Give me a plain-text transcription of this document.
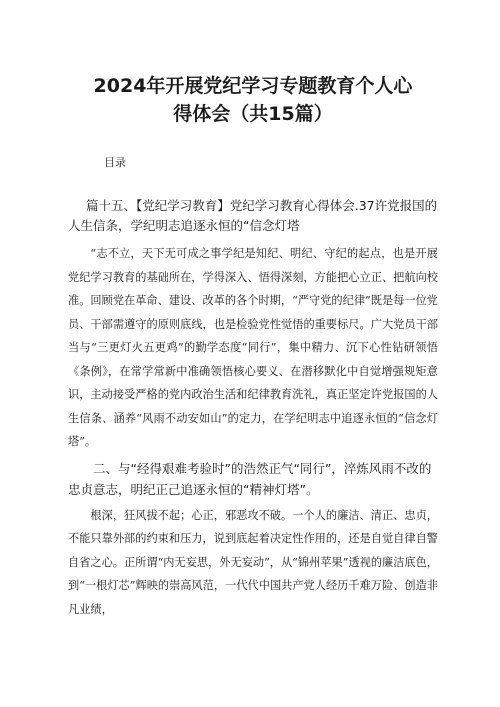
2024年开展党纪学习专题教育个人心得体会（共15篇）
目录

篇十五、【党纪学习教育】党纪学习教育心得体会.37许党报国的人生信条，学纪明志追逐永恒的“信念灯塔

“志不立，天下无可成之事学纪是知纪、明纪、守纪的起点，也是开展党纪学习教育的基础所在，学得深入、悟得深刻，方能把心立正、把航向校准。回顾党在革命、建设、改革的各个时期，“严守党的纪律”既是每一位党员、干部需遵守的原则底线，也是检验党性觉悟的重要标尺。广大党员干部当与“三更灯火五更鸡”的勤学态度“同行”，集中精力、沉下心性钻研领悟《条例》，在常学常新中准确领悟核心要义、在潜移默化中自觉增强规矩意识，主动接受严格的党内政治生活和纪律教育洗礼，真正坚定许党报国的人生信条、涵养“风雨不动安如山”的定力，在学纪明志中追逐永恒的“信念灯塔”。

二、与“经得艰难考验时”的浩然正气“同行”，淬炼风雨不改的忠贞意志，明纪正己追逐永恒的“精神灯塔”。

根深，狂风拔不起；心正，邪恶攻不破。一个人的廉洁、清正、忠贞，不能只靠外部的约束和压力，说到底起着决定性作用的，还是自觉自律自警自省之心。正所谓“内无妄思，外无妄动”，从“锦州苹果”透视的廉洁底色，到“一根灯芯”辉映的崇高风范，一代代中国共产党人经历千难万险、创造非凡业绩，
